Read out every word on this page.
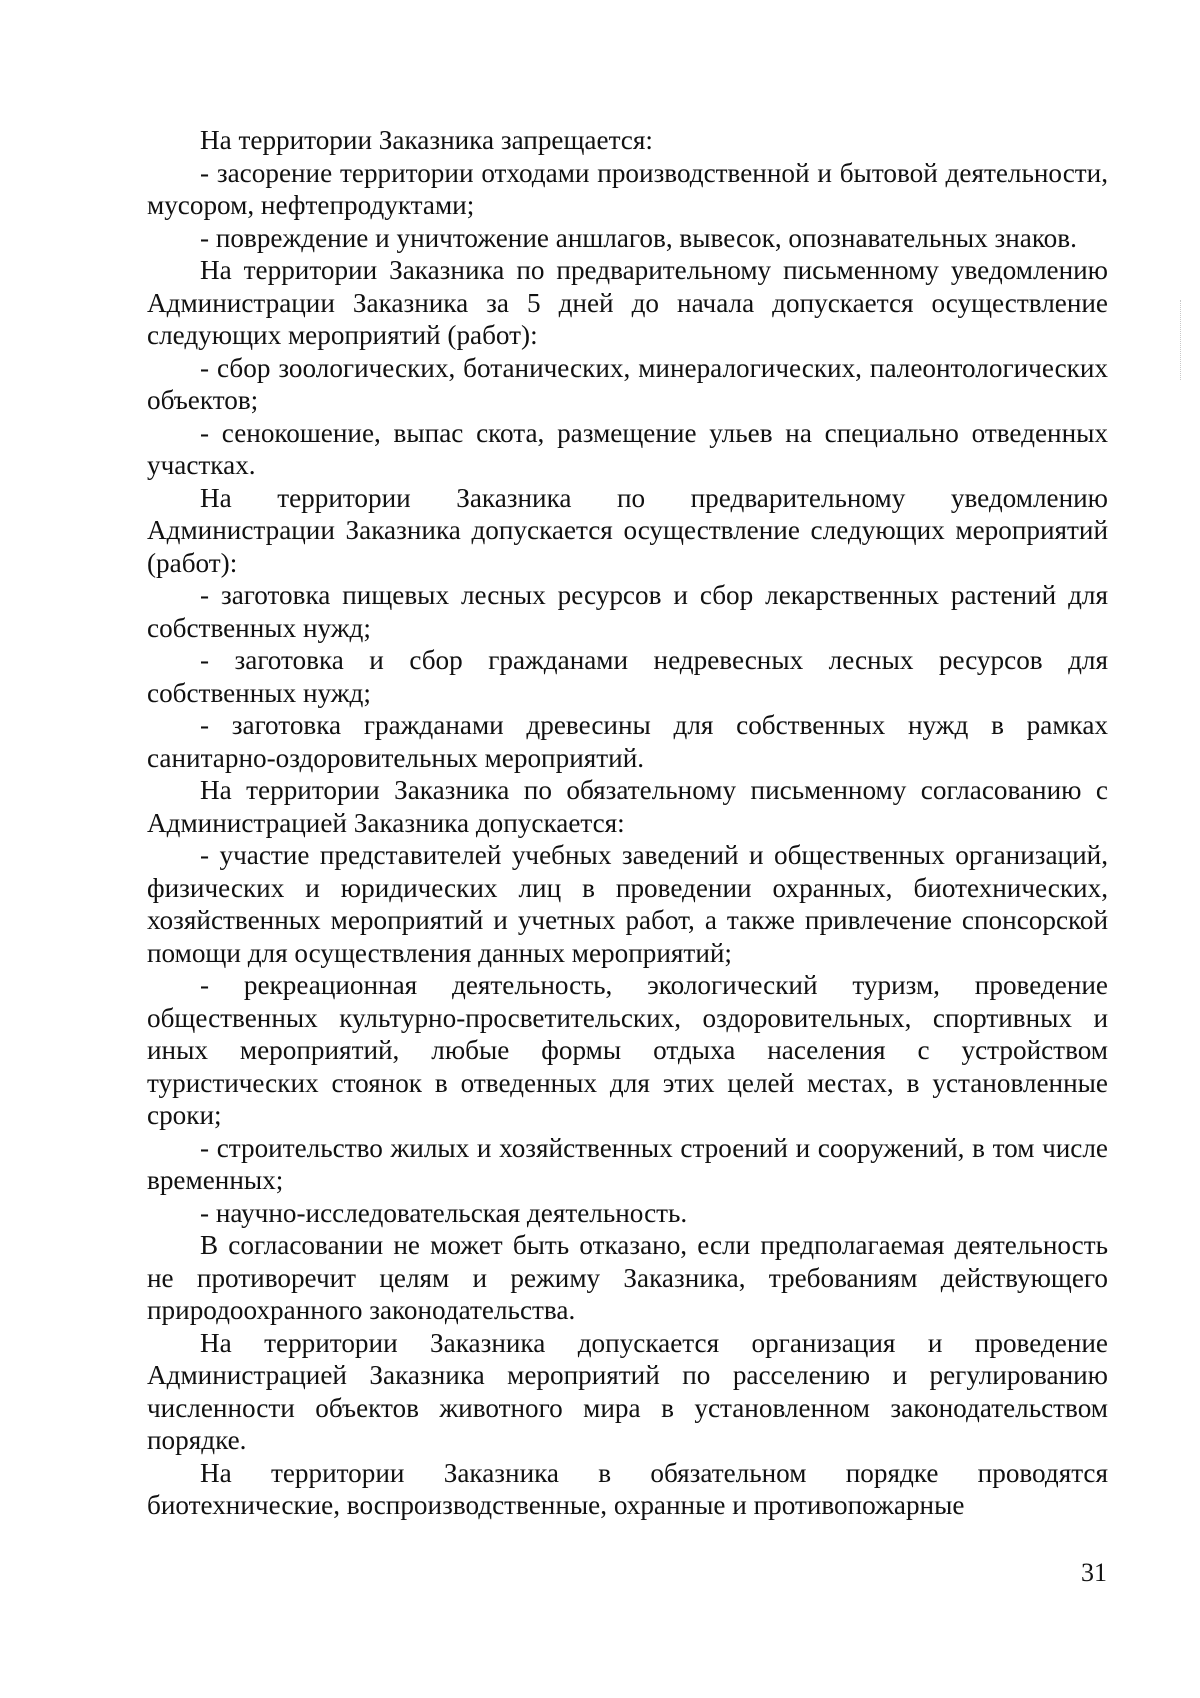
На территории Заказника запрещается:

- засорение территории отходами производственной и бытовой деятельности, мусором, нефтепродуктами;

- повреждение и уничтожение аншлагов, вывесок, опознавательных знаков.

На территории Заказника по предварительному письменному уведомлению Администрации Заказника за 5 дней до начала допускается осуществление следующих мероприятий (работ):

- сбор зоологических, ботанических, минералогических, палеонтологических объектов;

- сенокошение, выпас скота, размещение ульев на специально отведенных участках.

На территории Заказника по предварительному уведомлению Администрации Заказника допускается осуществление следующих мероприятий (работ):

- заготовка пищевых лесных ресурсов и сбор лекарственных растений для собственных нужд;

- заготовка и сбор гражданами недревесных лесных ресурсов для собственных нужд;

- заготовка гражданами древесины для собственных нужд в рамках санитарно-оздоровительных мероприятий.

На территории Заказника по обязательному письменному согласованию с Администрацией Заказника допускается:

- участие представителей учебных заведений и общественных организаций, физических и юридических лиц в проведении охранных, биотехнических, хозяйственных мероприятий и учетных работ, а также привлечение спонсорской помощи для осуществления данных мероприятий;

- рекреационная деятельность, экологический туризм, проведение общественных культурно-просветительских, оздоровительных, спортивных и иных мероприятий, любые формы отдыха населения с устройством туристических стоянок в отведенных для этих целей местах, в установленные сроки;

- строительство жилых и хозяйственных строений и сооружений, в том числе временных;

- научно-исследовательская деятельность.

В согласовании не может быть отказано, если предполагаемая деятельность не противоречит целям и режиму Заказника, требованиям действующего природоохранного законодательства.

На территории Заказника допускается организация и проведение Администрацией Заказника мероприятий по расселению и регулированию численности объектов животного мира в установленном законодательством порядке.

На территории Заказника в обязательном порядке проводятся биотехнические, воспроизводственные, охранные и противопожарные

31
